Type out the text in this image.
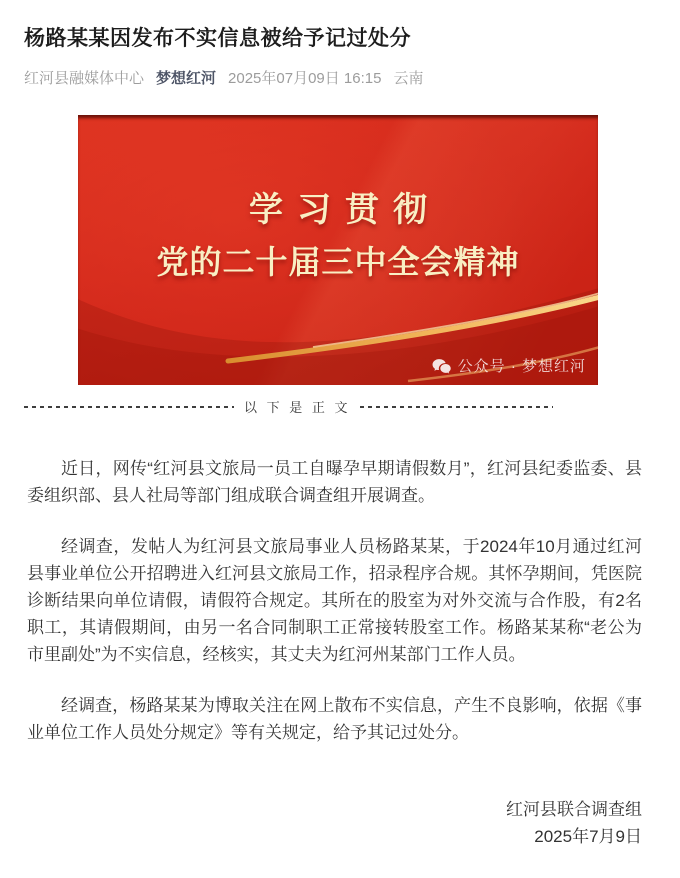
杨路某某因发布不实信息被给予记过处分
红河县融媒体中心 梦想红河 2025年07月09日 16:15 云南
学习贯彻
党的二十届三中全会精神
公众号 · 梦想红河
以 下 是 正 文

近日，网传“红河县文旅局一员工自曝孕早期请假数月”，红河县纪委监委、县委组织部、县人社局等部门组成联合调查组开展调查。

经调查，发帖人为红河县文旅局事业人员杨路某某，于2024年10月通过红河县事业单位公开招聘进入红河县文旅局工作，招录程序合规。其怀孕期间，凭医院诊断结果向单位请假，请假符合规定。其所在的股室为对外交流与合作股，有2名职工，其请假期间，由另一名合同制职工正常接转股室工作。杨路某某称“老公为市里副处”为不实信息，经核实，其丈夫为红河州某部门工作人员。

经调查，杨路某某为博取关注在网上散布不实信息，产生不良影响，依据《事业单位工作人员处分规定》等有关规定，给予其记过处分。

红河县联合调查组
2025年7月9日
